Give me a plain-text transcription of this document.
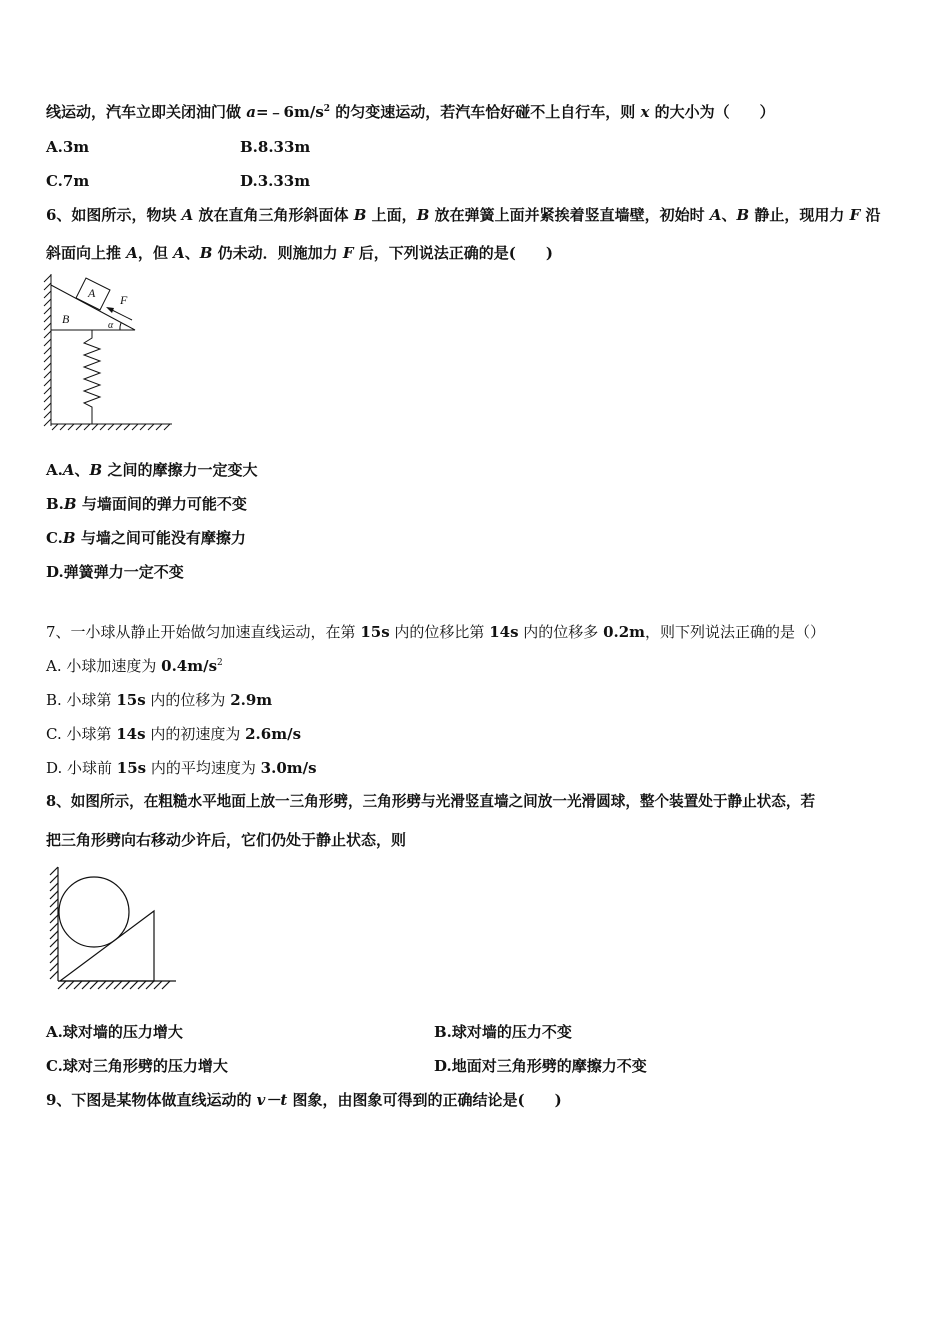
线运动，汽车立即关闭油门做 $a=﹣6m/s^2$ 的匀变速运动，若汽车恰好碰不上自行车，则 x 的大小为（　　）
A.3m	B.8.33m
C.7m	D.3.33m
6、如图所示，物块 A 放在直角三角形斜面体 B 上面，B 放在弹簧上面并紧挨着竖直墙壁，初始时 A、B 静止，现用力 F 沿
斜面向上推 A，但 A、B 仍未动．则施加力 F 后，下列说法正确的是(　　)
A
B
F
α
A.A、B 之间的摩擦力一定变大
B.B 与墙面间的弹力可能不变
C.B 与墙之间可能没有摩擦力
D.弹簧弹力一定不变
7、一小球从静止开始做匀加速直线运动，在第 15s 内的位移比第 14s 内的位移多 0.2m，则下列说法正确的是（）
A. 小球加速度为 $0.4m/s^2$
B. 小球第 15s 内的位移为 2.9m
C. 小球第 14s 内的初速度为 2.6m/s
D. 小球前 15s 内的平均速度为 3.0m/s
8、如图所示，在粗糙水平地面上放一三角形劈，三角形劈与光滑竖直墙之间放一光滑圆球，整个装置处于静止状态，若
把三角形劈向右移动少许后，它们仍处于静止状态，则
A.球对墙的压力增大	B.球对墙的压力不变
C.球对三角形劈的压力增大	D.地面对三角形劈的摩擦力不变
9、下图是某物体做直线运动的 v－t 图象，由图象可得到的正确结论是(　　)
